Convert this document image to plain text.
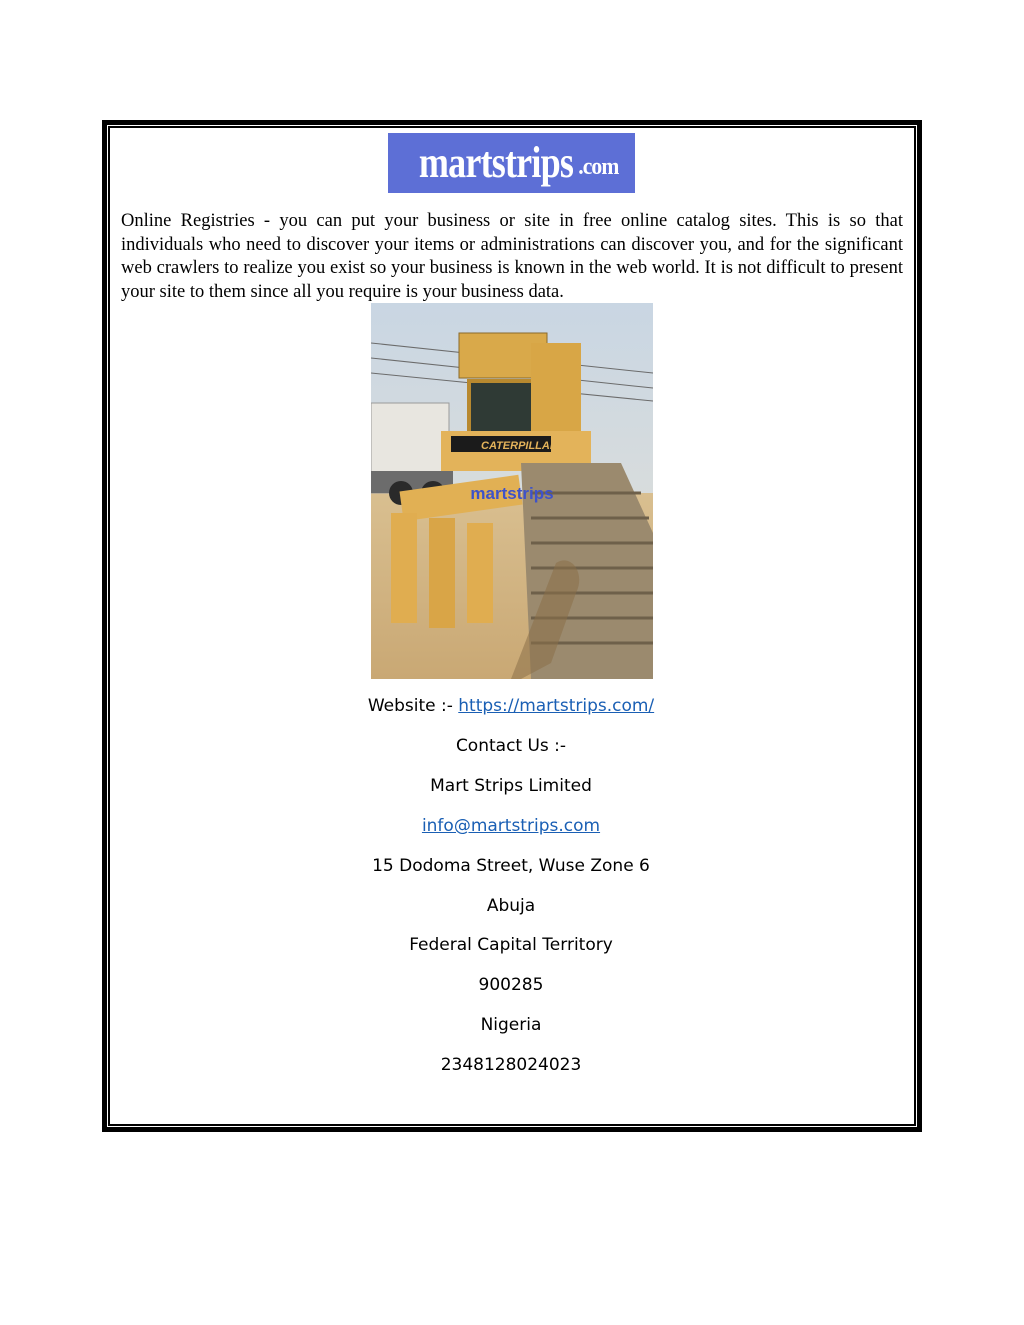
martstrips .com

Online Registries - you can put your business or site in free online catalog sites. This is so that individuals who need to discover your items or administrations can discover you, and for the significant web crawlers to realize you exist so your business is known in the web world. It is not difficult to present your site to them since all you require is your business data.

CATERPILLAR
martstrips
Website :- https://martstrips.com/
Contact Us :-
Mart Strips Limited
info@martstrips.com
15 Dodoma Street, Wuse Zone 6
Abuja
Federal Capital Territory
900285
Nigeria
2348128024023
